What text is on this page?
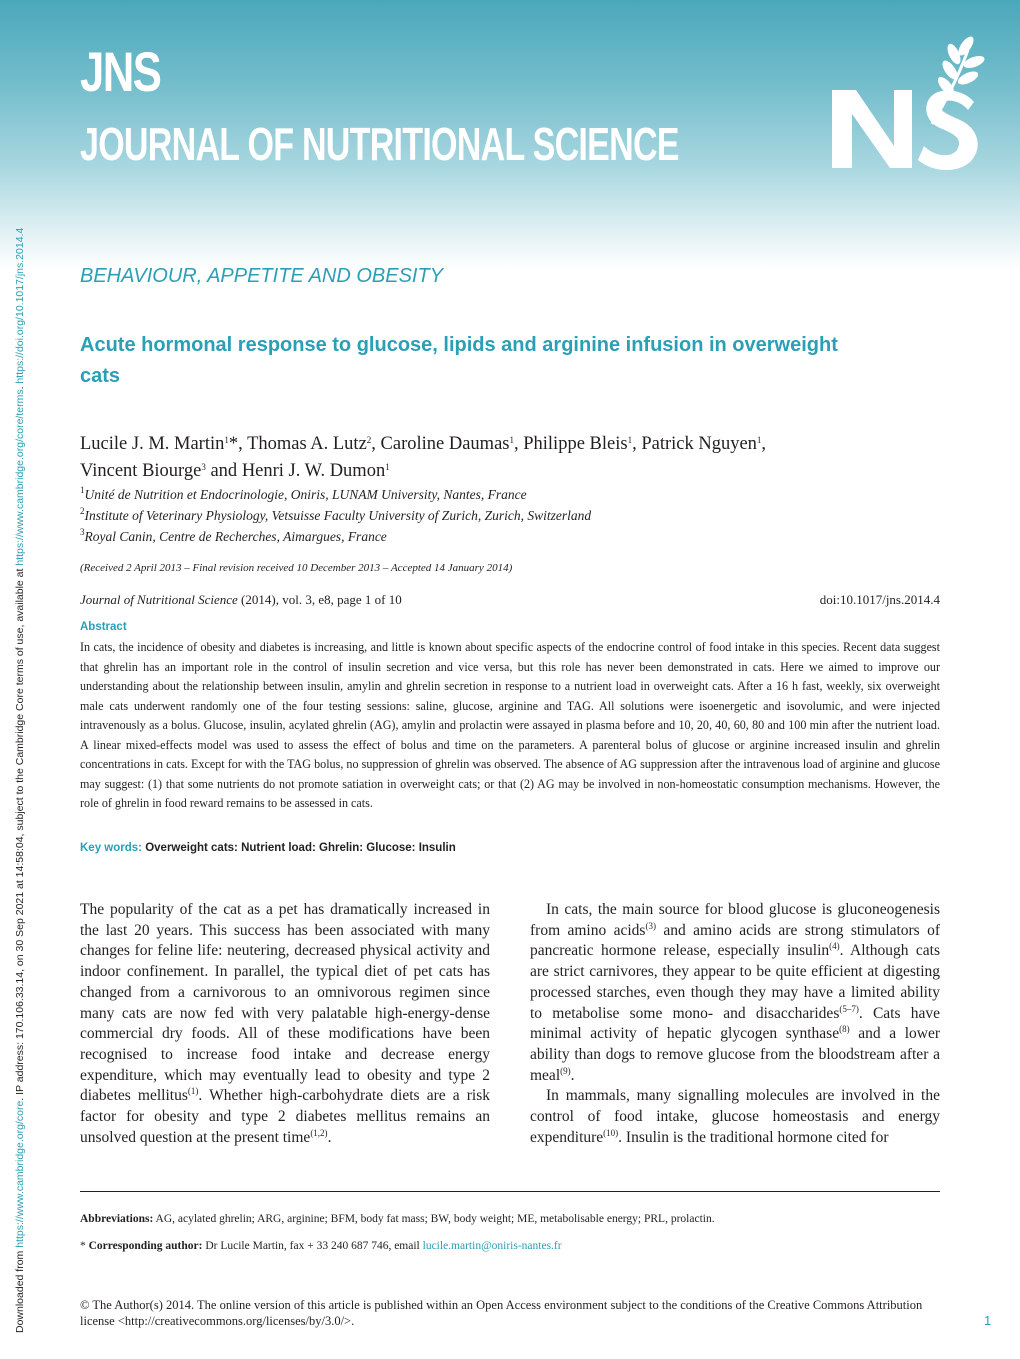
JNS
JOURNAL OF NUTRITIONAL SCIENCE
NS
Downloaded from https://www.cambridge.org/core. IP address: 170.106.33.14, on 30 Sep 2021 at 14:58:04, subject to the Cambridge Core terms of use, available at https://www.cambridge.org/core/terms. https://doi.org/10.1017/jns.2014.4	BEHAVIOUR, APPETITE AND OBESITY
Acute hormonal response to glucose, lipids and arginine infusion in overweight cats
Lucile J. M. Martin$^1$*, Thomas A. Lutz$^2$, Caroline Daumas$^1$, Philippe Bleis$^1$, Patrick Nguyen$^1$,
Vincent Biourge$^3$ and Henri J. W. Dumon$^1$
$^1$Unité de Nutrition et Endocrinologie, Oniris, LUNAM University, Nantes, France
$^2$Institute of Veterinary Physiology, Vetsuisse Faculty University of Zurich, Zurich, Switzerland
$^3$Royal Canin, Centre de Recherches, Aimargues, France
(Received 2 April 2013 – Final revision received 10 December 2013 – Accepted 14 January 2014)
Journal of Nutritional Science (2014), vol. 3, e8, page 1 of 10	doi:10.1017/jns.2014.4
Abstract

In cats, the incidence of obesity and diabetes is increasing, and little is known about specific aspects of the endocrine control of food intake in this species. Recent data suggest that ghrelin has an important role in the control of insulin secretion and vice versa, but this role has never been demonstrated in cats. Here we aimed to improve our understanding about the relationship between insulin, amylin and ghrelin secretion in response to a nutrient load in overweight cats. After a 16 h fast, weekly, six overweight male cats underwent randomly one of the four testing sessions: saline, glucose, arginine and TAG. All solutions were isoenergetic and isovolumic, and were injected intravenously as a bolus. Glucose, insulin, acylated ghrelin (AG), amylin and prolactin were assayed in plasma before and 10, 20, 40, 60, 80 and 100 min after the nutrient load. A linear mixed-effects model was used to assess the effect of bolus and time on the parameters. A parenteral bolus of glucose or arginine increased insulin and ghrelin concentrations in cats. Except for with the TAG bolus, no suppression of ghrelin was observed. The absence of AG suppression after the intravenous load of arginine and glucose may suggest: (1) that some nutrients do not promote satiation in overweight cats; or that (2) AG may be involved in non-homeostatic consumption mechanisms. However, the role of ghrelin in food reward remains to be assessed in cats.

Key words: Overweight cats: Nutrient load: Ghrelin: Glucose: Insulin

The popularity of the cat as a pet has dramatically increased in the last 20 years. This success has been associated with many changes for feline life: neutering, decreased physical activity and indoor confinement. In parallel, the typical diet of pet cats has changed from a carnivorous to an omnivorous regimen since many cats are now fed with very palatable high-energy-dense commercial dry foods. All of these modifications have been recognised to increase food intake and decrease energy expenditure, which may eventually lead to obesity and type 2 diabetes mellitus$^{(1)}$. Whether high-carbohydrate diets are a risk factor for obesity and type 2 diabetes mellitus remains an unsolved question at the present time$^{(1,2)}$.

In cats, the main source for blood glucose is gluconeogenesis from amino acids$^{(3)}$ and amino acids are strong stimulators of pancreatic hormone release, especially insulin$^{(4)}$. Although cats are strict carnivores, they appear to be quite efficient at digesting processed starches, even though they may have a limited ability to metabolise some mono- and disaccharides$^{(5-7)}$. Cats have minimal activity of hepatic glycogen synthase$^{(8)}$ and a lower ability than dogs to remove glucose from the bloodstream after a meal$^{(9)}$.

In mammals, many signalling molecules are involved in the control of food intake, glucose homeostasis and energy expenditure$^{(10)}$. Insulin is the traditional hormone cited for

Abbreviations: AG, acylated ghrelin; ARG, arginine; BFM, body fat mass; BW, body weight; ME, metabolisable energy; PRL, prolactin.
* Corresponding author: Dr Lucile Martin, fax + 33 240 687 746, email lucile.martin@oniris-nantes.fr
© The Author(s) 2014. The online version of this article is published within an Open Access environment subject to the conditions of the Creative Commons Attribution license <http://creativecommons.org/licenses/by/3.0/>.	1
